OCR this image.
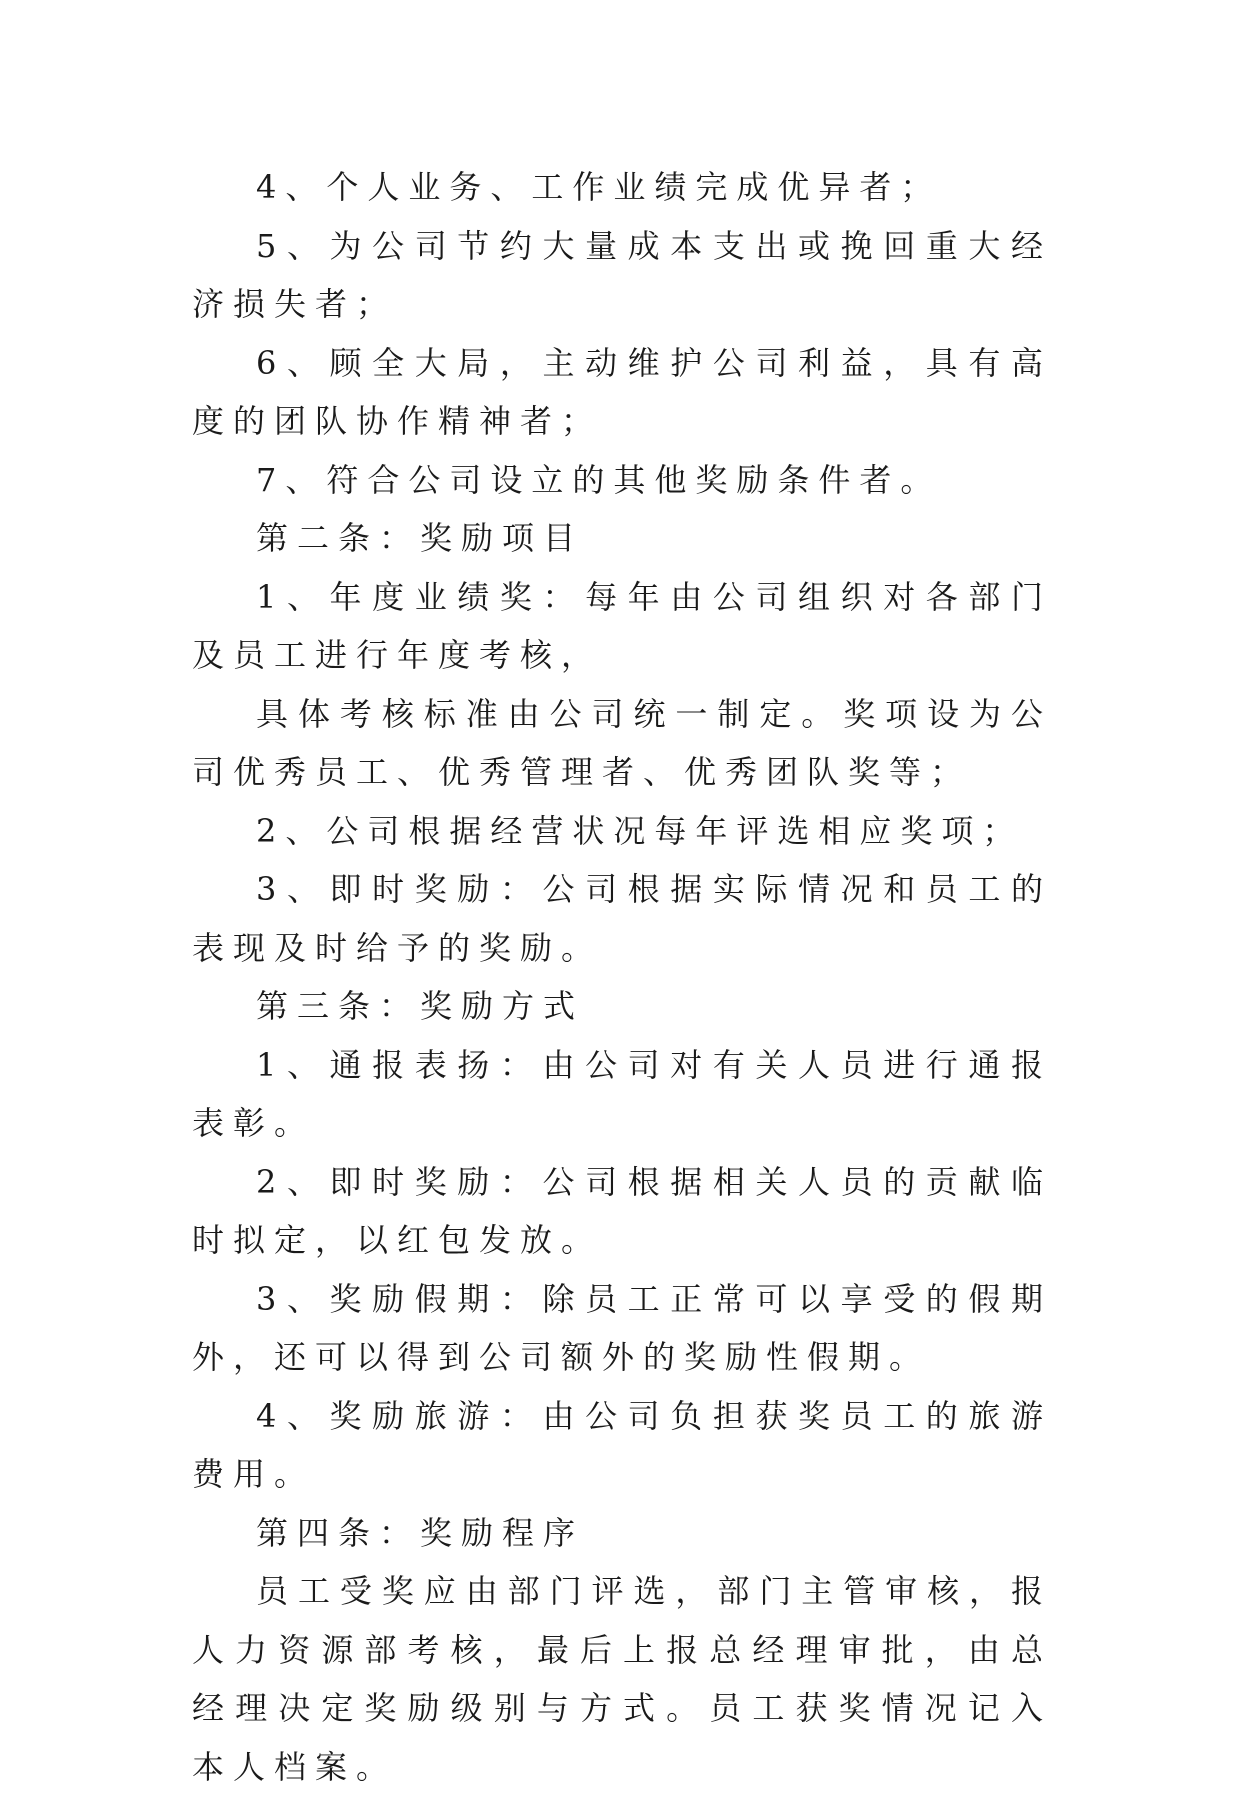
4、个人业务、工作业绩完成优异者；

5、为公司节约大量成本支出或挽回重大经济损失者；

6、顾全大局，主动维护公司利益，具有高度的团队协作精神者；

7、符合公司设立的其他奖励条件者。

第二条：奖励项目

1、年度业绩奖：每年由公司组织对各部门及员工进行年度考核，

具体考核标准由公司统一制定。奖项设为公司优秀员工、优秀管理者、优秀团队奖等；

2、公司根据经营状况每年评选相应奖项；

3、即时奖励：公司根据实际情况和员工的表现及时给予的奖励。

第三条：奖励方式

1、通报表扬：由公司对有关人员进行通报表彰。

2、即时奖励：公司根据相关人员的贡献临时拟定，以红包发放。

3、奖励假期：除员工正常可以享受的假期外，还可以得到公司额外的奖励性假期。

4、奖励旅游：由公司负担获奖员工的旅游费用。

第四条：奖励程序

员工受奖应由部门评选，部门主管审核，报人力资源部考核，最后上报总经理审批，由总经理决定奖励级别与方式。员工获奖情况记入本人档案。
